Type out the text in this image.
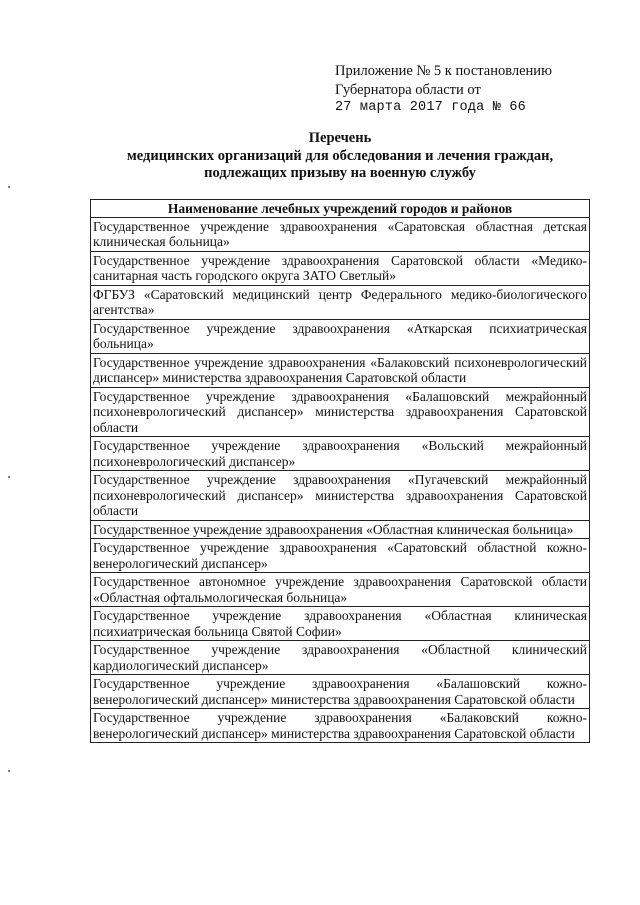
Приложение № 5 к постановлению
Губернатора области от
27 марта 2017 года № 66
Перечень
медицинских организаций для обследования и лечения граждан,
подлежащих призыву на военную службу
Наименование лечебных учреждений городов и районов
Государственное учреждение здравоохранения «Саратовская областная детская клиническая больница»
Государственное учреждение здравоохранения Саратовской области «Медико-санитарная часть городского округа ЗАТО Светлый»
ФГБУЗ «Саратовский медицинский центр Федерального медико-биологического агентства»
Государственное учреждение здравоохранения «Аткарская психиатрическая больница»
Государственное учреждение здравоохранения «Балаковский психоневрологический диспансер» министерства здравоохранения Саратовской области
Государственное учреждение здравоохранения «Балашовский межрайонный психоневрологический диспансер» министерства здравоохранения Саратовской области
Государственное учреждение здравоохранения «Вольский межрайонный психоневрологический диспансер»
Государственное учреждение здравоохранения «Пугачевский межрайонный психоневрологический диспансер» министерства здравоохранения Саратовской области
Государственное учреждение здравоохранения «Областная клиническая больница»
Государственное учреждение здравоохранения «Саратовский областной кожно-венерологический диспансер»
Государственное автономное учреждение здравоохранения Саратовской области «Областная офтальмологическая больница»
Государственное учреждение здравоохранения «Областная клиническая психиатрическая больница Святой Софии»
Государственное учреждение здравоохранения «Областной клинический кардиологический диспансер»
Государственное учреждение здравоохранения «Балашовский кожно-венерологический диспансер» министерства здравоохранения Саратовской области
Государственное учреждение здравоохранения «Балаковский кожно-венерологический диспансер» министерства здравоохранения Саратовской области
